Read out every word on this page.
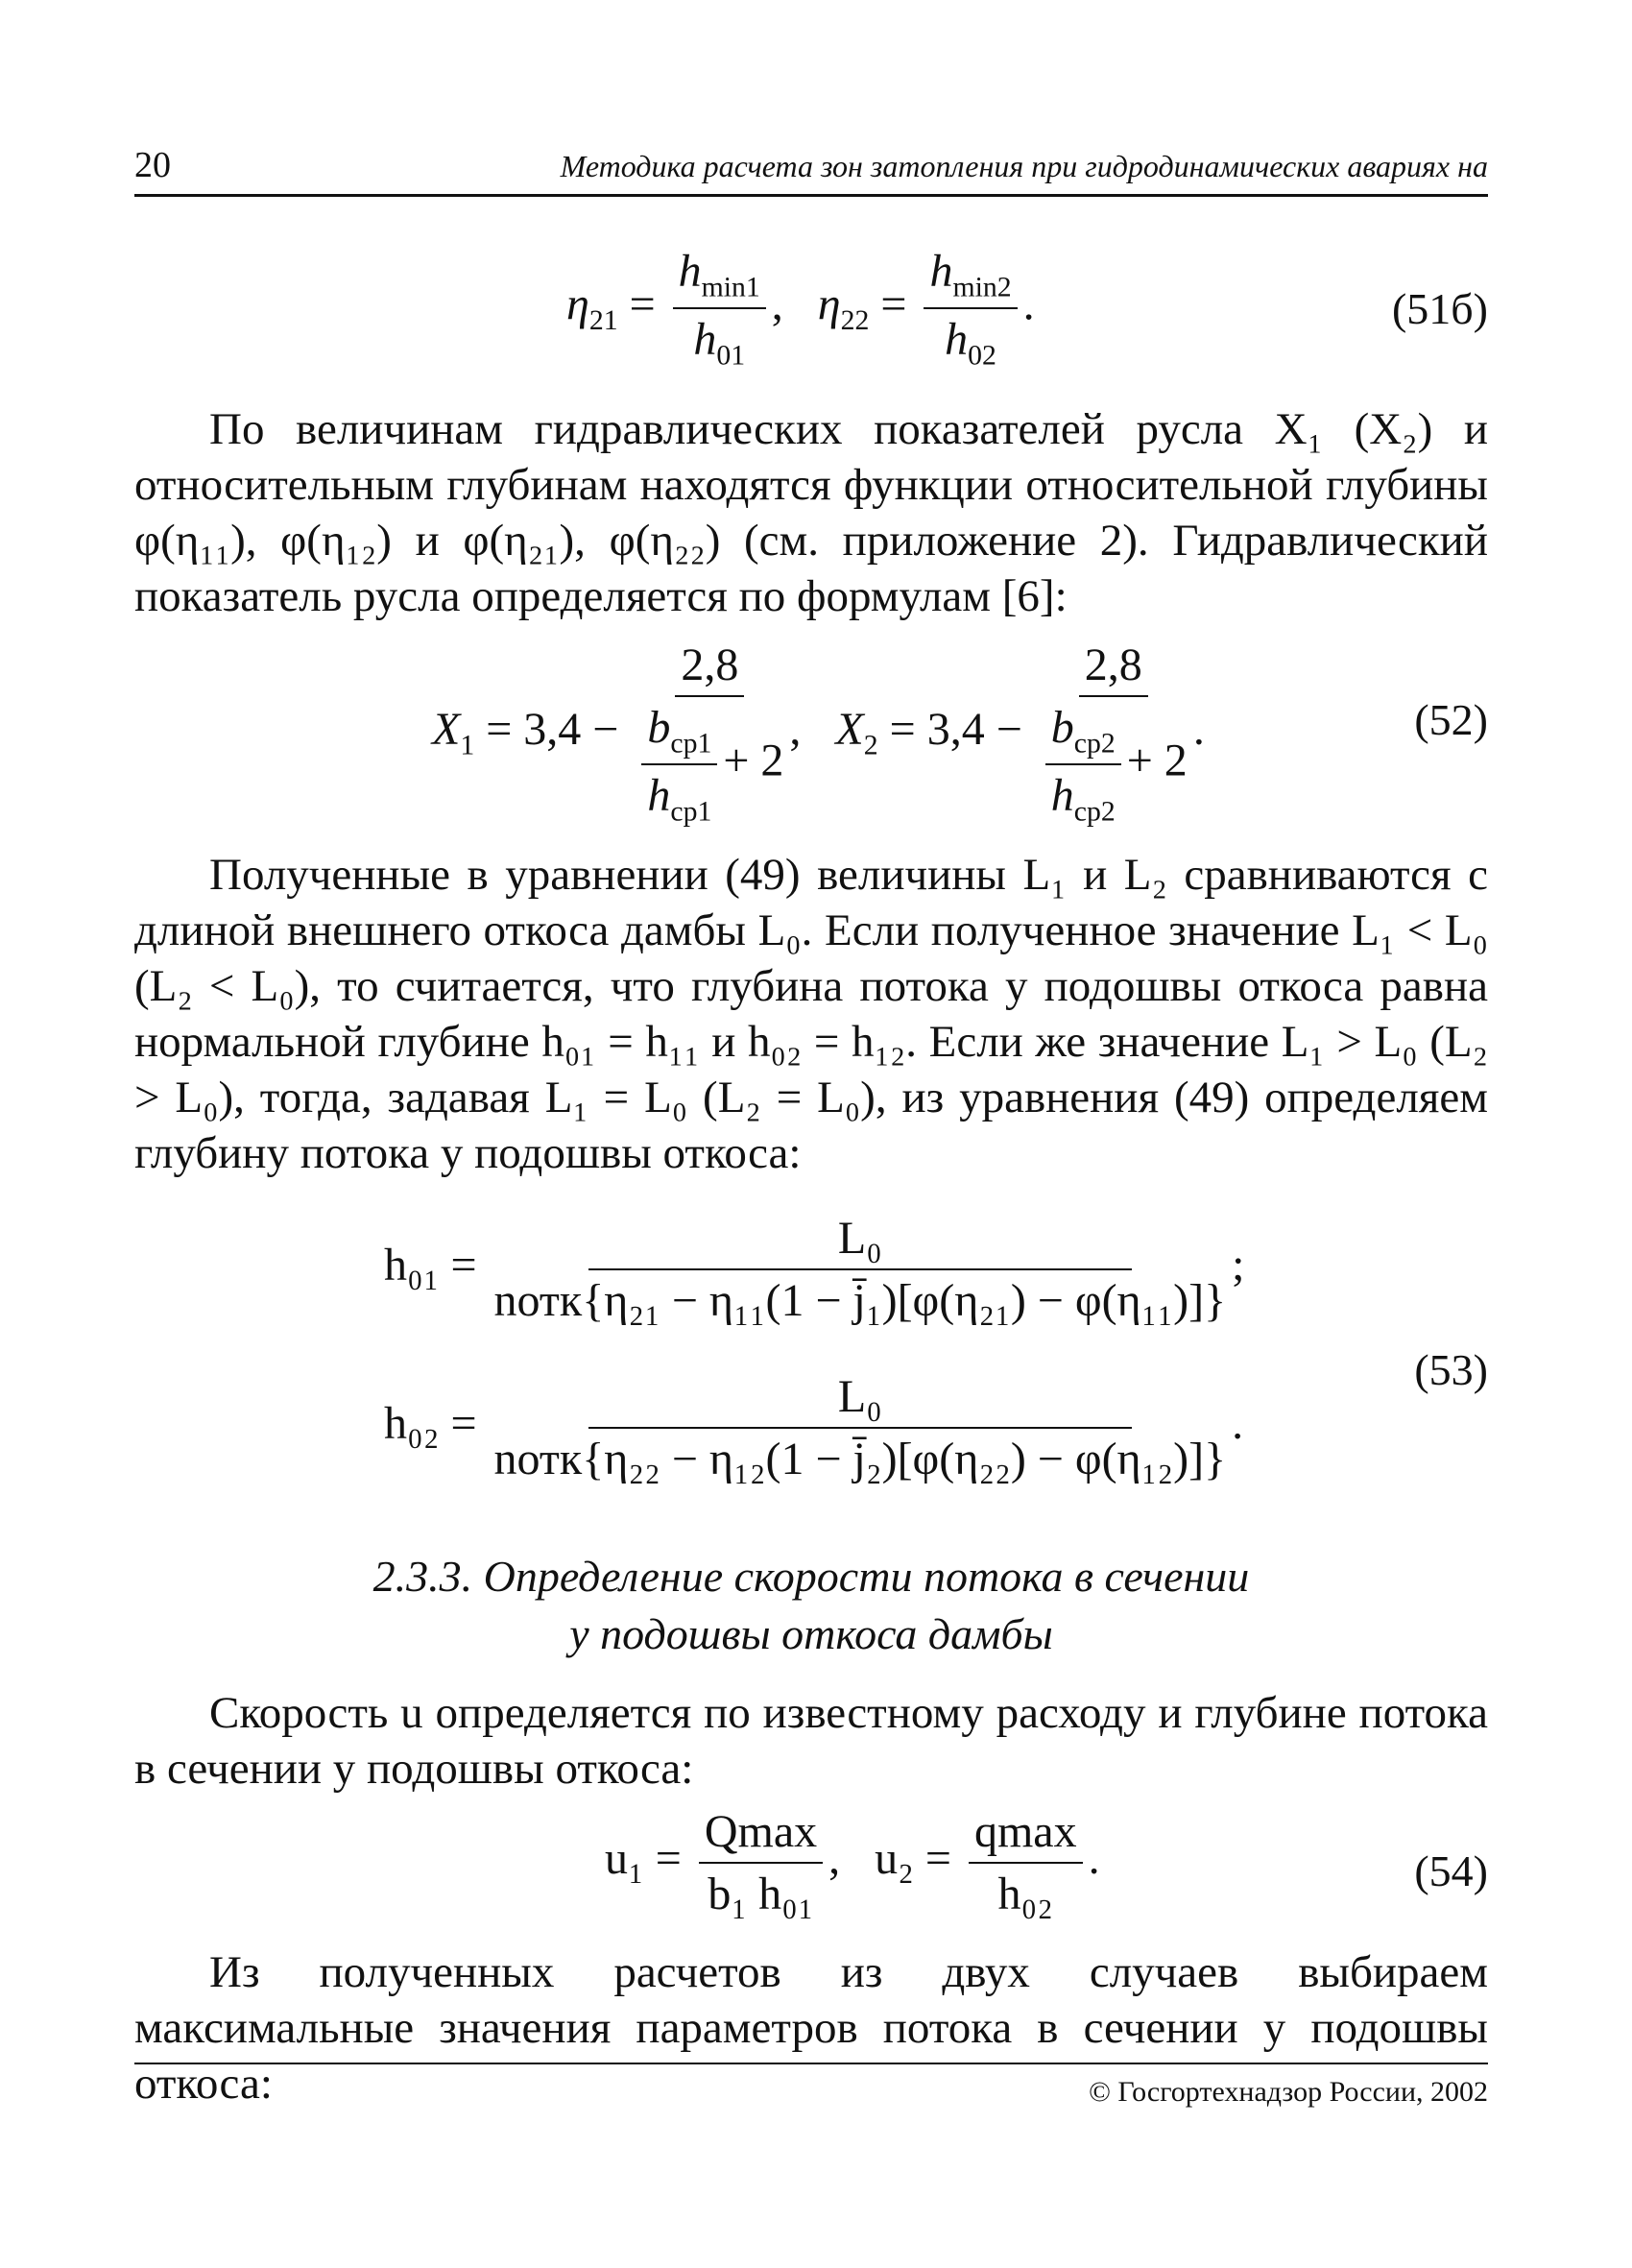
20	Методика расчета зон затопления при гидродинамических авариях на
$\eta_{21} = \frac{h_{min1}}{h_{01}}$ ,   $\eta_{22} = \frac{h_{min2}}{h_{02}}$ .	(51б)

По величинам гидравлических показателей русла X₁ (X₂) и относительным глубинам находятся функции относительной глубины φ(η₁₁), φ(η₁₂) и φ(η₂₁), φ(η₂₂) (см. приложение 2). Гидравлический показатель русла определяется по формулам [6]:

$X_1 = 3,4 - \frac{2,8}{\frac{b_{ср1}}{h_{ср1}} + 2}$ ,   $X_2 = 3,4 - \frac{2,8}{\frac{b_{ср2}}{h_{ср2}} + 2}$ .	(52)

Полученные в уравнении (49) величины L₁ и L₂ сравниваются с длиной внешнего откоса дамбы L₀. Если полученное значение L₁ < L₀ (L₂ < L₀), то считается, что глубина потока у подошвы откоса равна нормальной глубине h₀₁ = h₁₁ и h₀₂ = h₁₂. Если же значение L₁ > L₀ (L₂ > L₀), тогда, задавая L₁ = L₀ (L₂ = L₀), из уравнения (49) определяем глубину потока у подошвы откоса:

$h_{01} = \frac{\text{L₀}}{\text{nотк\{η₂₁ − η₁₁(1 − j̄₁)[φ(η₂₁) − φ(η₁₁)]\}}}$ ;
$h_{02} = \frac{\text{L₀}}{\text{nотк\{η₂₂ − η₁₂(1 − j̄₂)[φ(η₂₂) − φ(η₁₂)]\}}}$ .
(53)
2.3.3. Определение скорости потока в сечении
у подошвы откоса дамбы

Скорость u определяется по известному расходу и глубине потока в сечении у подошвы откоса:

$u_1 = \frac{Qmax}{\text{b₁ h₀₁}}$ ,   $u_2 = \frac{qmax}{\text{h₀₂}}$ .	(54)

Из полученных расчетов из двух случаев выбираем максимальные значения параметров потока в сечении у подошвы откоса:	© Госгортехнадзор России, 2002
